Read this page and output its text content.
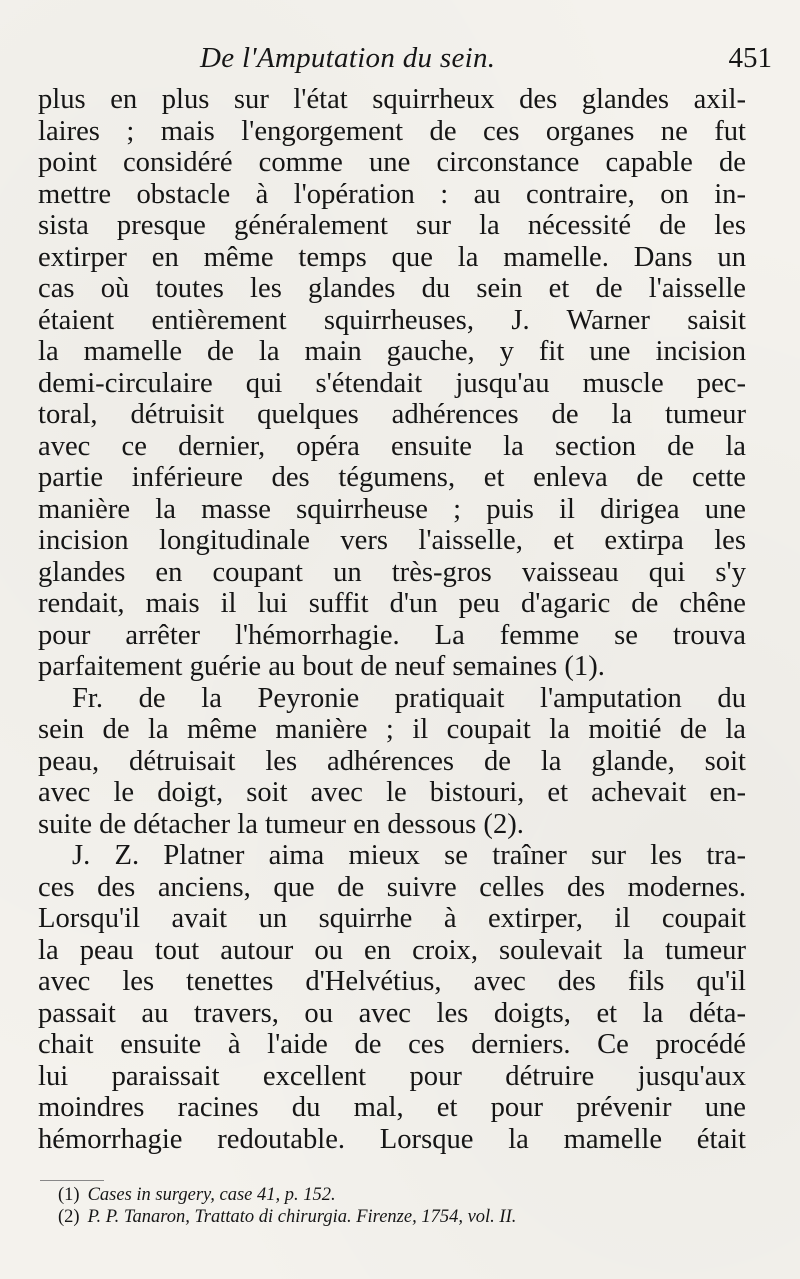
De l'Amputation du sein.	451
plus en plus sur l'état squirrheux des glandes axil-
laires ; mais l'engorgement de ces organes ne fut
point considéré comme une circonstance capable de
mettre obstacle à l'opération : au contraire, on in-
sista presque généralement sur la nécessité de les
extirper en même temps que la mamelle. Dans un
cas où toutes les glandes du sein et de l'aisselle
étaient entièrement squirrheuses, J. Warner saisit
la mamelle de la main gauche, y fit une incision
demi-circulaire qui s'étendait jusqu'au muscle pec-
toral, détruisit quelques adhérences de la tumeur
avec ce dernier, opéra ensuite la section de la
partie inférieure des tégumens, et enleva de cette
manière la masse squirrheuse ; puis il dirigea une
incision longitudinale vers l'aisselle, et extirpa les
glandes en coupant un très-gros vaisseau qui s'y
rendait, mais il lui suffit d'un peu d'agaric de chêne
pour arrêter l'hémorrhagie. La femme se trouva
parfaitement guérie au bout de neuf semaines (1).
Fr. de la Peyronie pratiquait l'amputation du
sein de la même manière ; il coupait la moitié de la
peau, détruisait les adhérences de la glande, soit
avec le doigt, soit avec le bistouri, et achevait en-
suite de détacher la tumeur en dessous (2).
J. Z. Platner aima mieux se traîner sur les tra-
ces des anciens, que de suivre celles des modernes.
Lorsqu'il avait un squirrhe à extirper, il coupait
la peau tout autour ou en croix, soulevait la tumeur
avec les tenettes d'Helvétius, avec des fils qu'il
passait au travers, ou avec les doigts, et la déta-
chait ensuite à l'aide de ces derniers. Ce procédé
lui paraissait excellent pour détruire jusqu'aux
moindres racines du mal, et pour prévenir une
hémorrhagie redoutable. Lorsque la mamelle était
(1) Cases in surgery, case 41, p. 152.
(2) P. P. Tanaron, Trattato di chirurgia. Firenze, 1754, vol. II.
